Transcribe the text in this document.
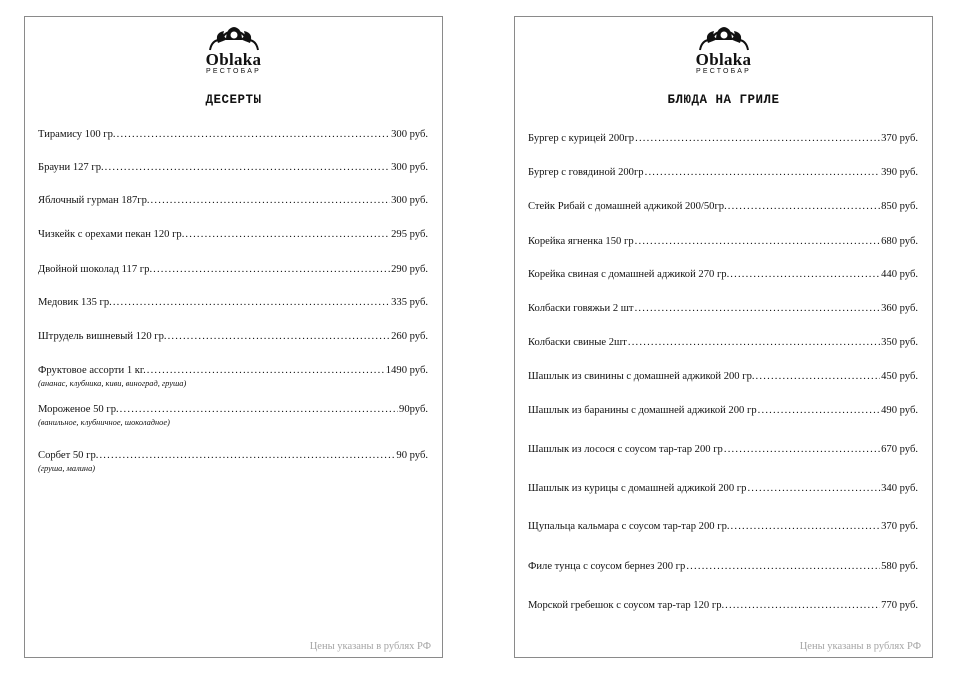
Oblaka
РЕСТОБАР
ДЕСЕРТЫ
Тирамису 100 гр. .....	300 руб.
Брауни 127 гр. .....	300 руб.
Яблочный гурман 187гр. .....	300 руб.
Чизкейк с орехами пекан 120 гр. .....	295 руб.
Двойной шоколад 117 гр. .....	290 руб.
Медовик 135 гр. .....	335 руб.
Штрудель вишневый 120 гр. .....	260 руб.
Фруктовое ассорти 1 кг. .....	1490 руб.
(ананас, клубника, киви, виноград, груша)
Мороженое 50 гр. .....	90руб.
(ванильное, клубничное, шоколадное)
Сорбет 50 гр. .....	90 руб.
(груша, малина)
Цены указаны в рублях РФ
Oblaka
РЕСТОБАР
БЛЮДА НА ГРИЛЕ
Бургер с курицей 200гр .....	370 руб.
Бургер с говядиной 200гр .....	390 руб.
Стейк Рибай с домашней аджикой 200/50гр. .....	850 руб.
Корейка ягненка 150 гр .....	680 руб.
Корейка свиная с домашней аджикой 270 гр. .....	440 руб.
Колбаски говяжьи 2 шт .....	360 руб.
Колбаски свиные 2шт .....	350 руб.
Шашлык из свинины с домашней аджикой 200 гр. .....	450 руб.
Шашлык из баранины с домашней аджикой 200 гр .....	490 руб.
Шашлык из лосося с соусом тар-тар 200 гр .....	670 руб.
Шашлык из курицы с домашней аджикой 200 гр .....	340 руб.
Щупальца кальмара с соусом тар-тар 200 гр. .....	370 руб.
Филе тунца с соусом бернез 200 гр .....	580 руб.
Морской гребешок с соусом тар-тар 120 гр. .....	770 руб.
Цены указаны в рублях РФ
